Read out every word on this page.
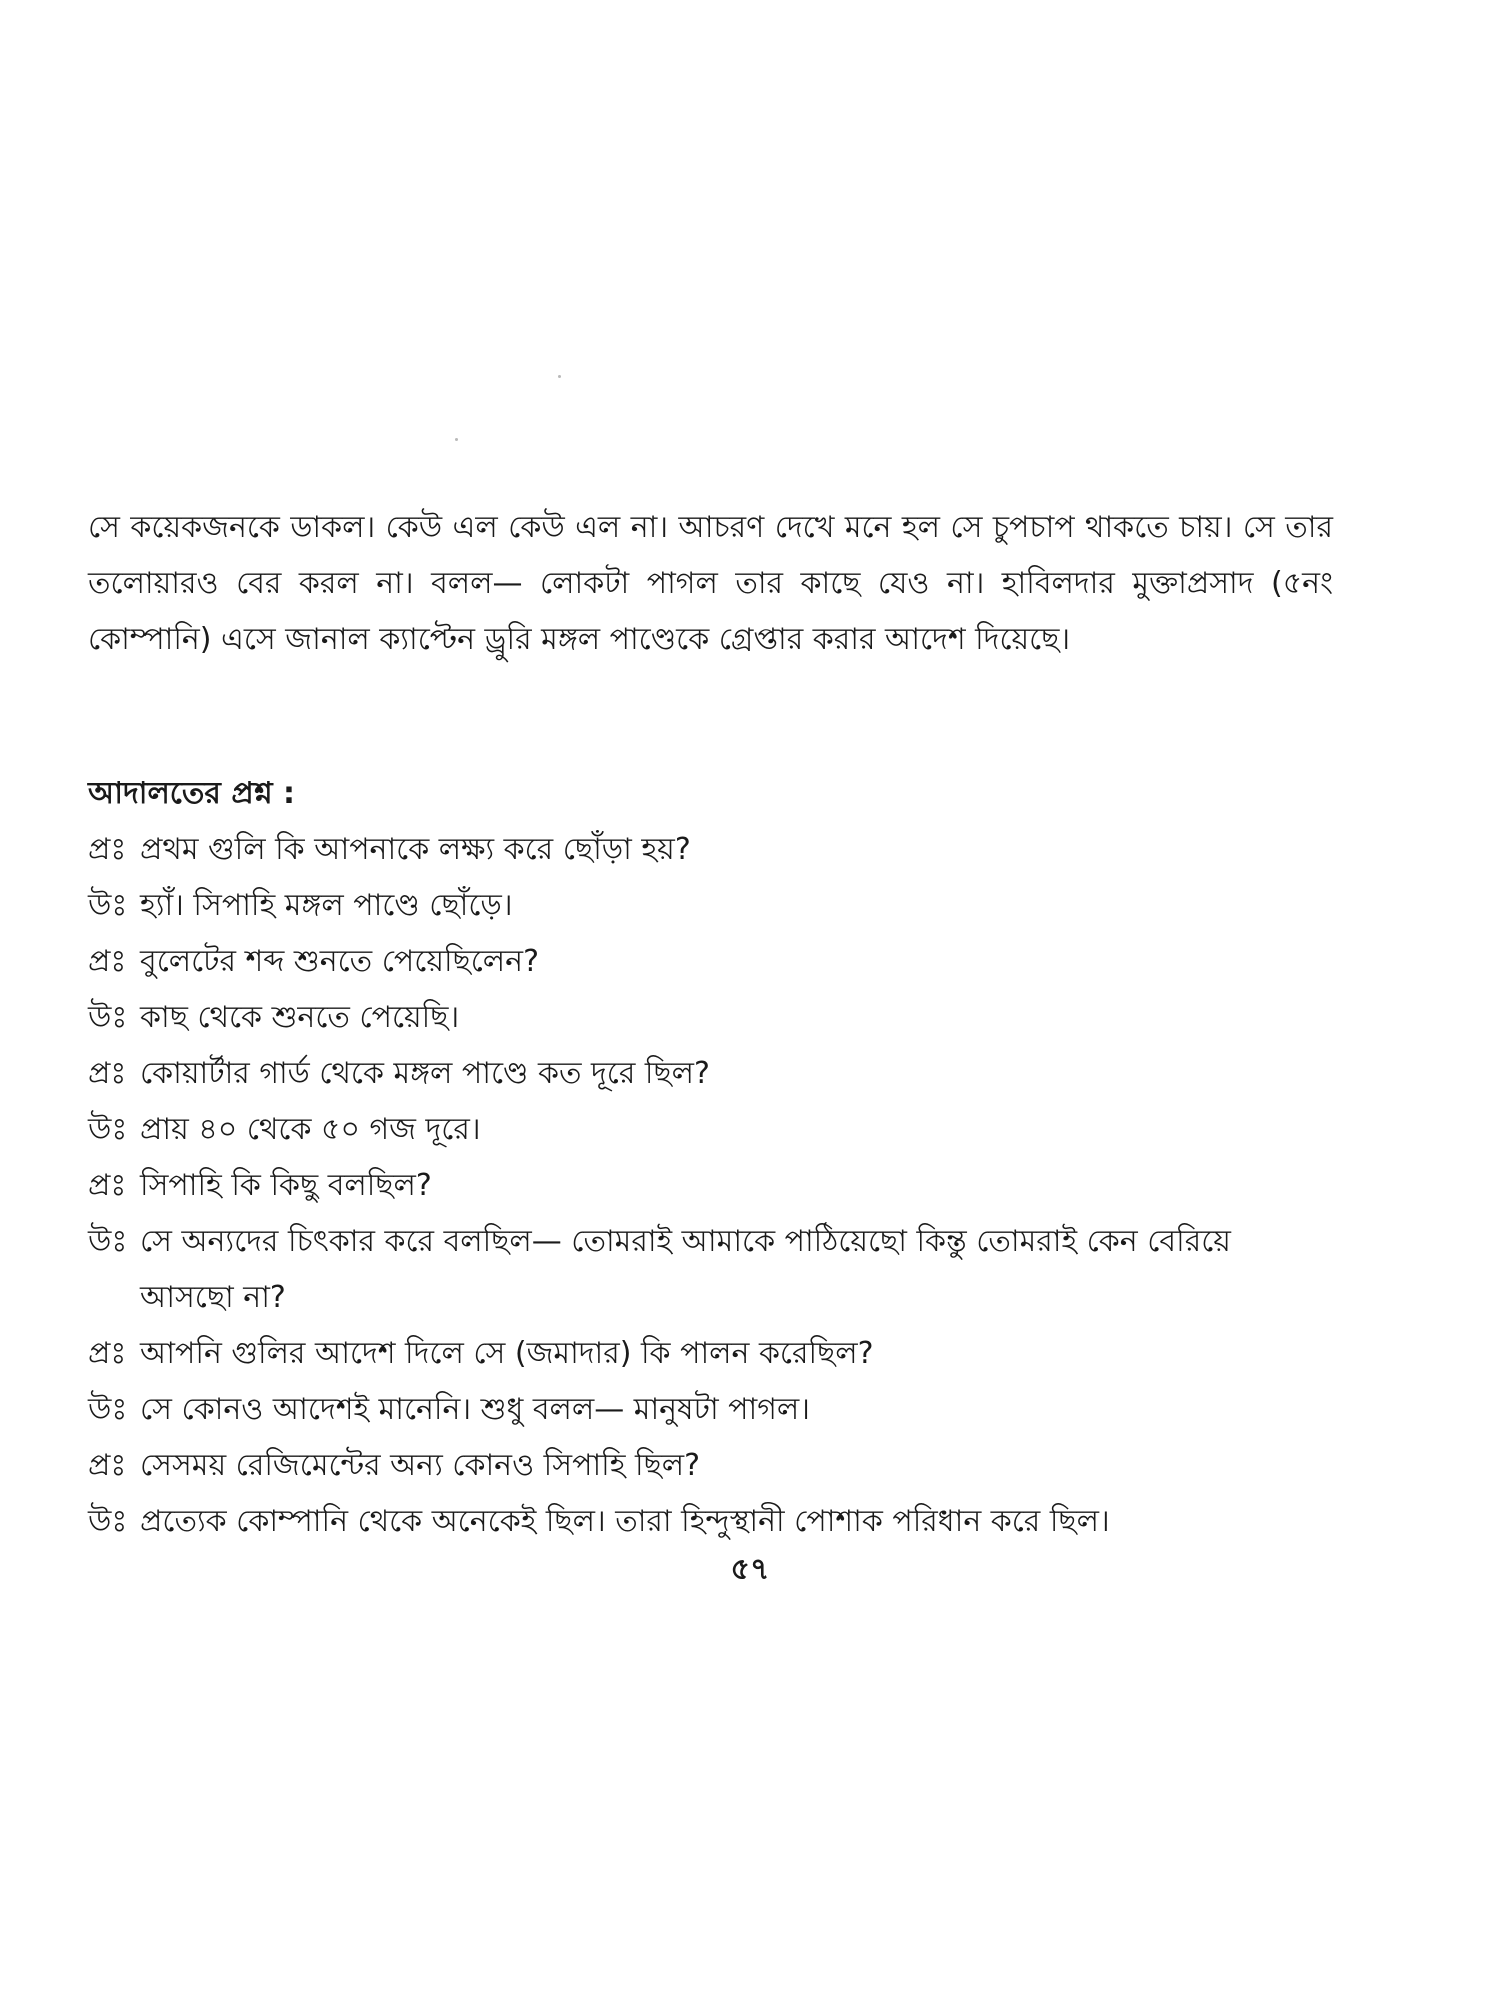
সে কয়েকজনকে ডাকল। কেউ এল কেউ এল না। আচরণ দেখে মনে হল সে চুপচাপ থাকতে চায়। সে তার তলোয়ারও বের করল না। বলল— লোকটা পাগল তার কাছে যেও না। হাবিলদার মুক্তাপ্রসাদ (৫নং কোম্পানি) এসে জানাল ক্যাপ্টেন ড্রুরি মঙ্গল পাণ্ডেকে গ্রেপ্তার করার আদেশ দিয়েছে।

আদালতের প্রশ্ন :
প্রঃ প্রথম গুলি কি আপনাকে লক্ষ্য করে ছোঁড়া হয়?
উঃ হ্যাঁ। সিপাহি মঙ্গল পাণ্ডে ছোঁড়ে।
প্রঃ বুলেটের শব্দ শুনতে পেয়েছিলেন?
উঃ কাছ থেকে শুনতে পেয়েছি।
প্রঃ কোয়ার্টার গার্ড থেকে মঙ্গল পাণ্ডে কত দূরে ছিল?
উঃ প্রায় ৪০ থেকে ৫০ গজ দূরে।
প্রঃ সিপাহি কি কিছু বলছিল?
উঃ সে অন্যদের চিৎকার করে বলছিল— তোমরাই আমাকে পাঠিয়েছো কিন্তু তোমরাই কেন বেরিয়ে আসছো না?
প্রঃ আপনি গুলির আদেশ দিলে সে (জমাদার) কি পালন করেছিল?
উঃ সে কোনও আদেশই মানেনি। শুধু বলল— মানুষটা পাগল।
প্রঃ সেসময় রেজিমেন্টের অন্য কোনও সিপাহি ছিল?
উঃ প্রত্যেক কোম্পানি থেকে অনেকেই ছিল। তারা হিন্দুস্থানী পোশাক পরিধান করে ছিল।
৫৭
